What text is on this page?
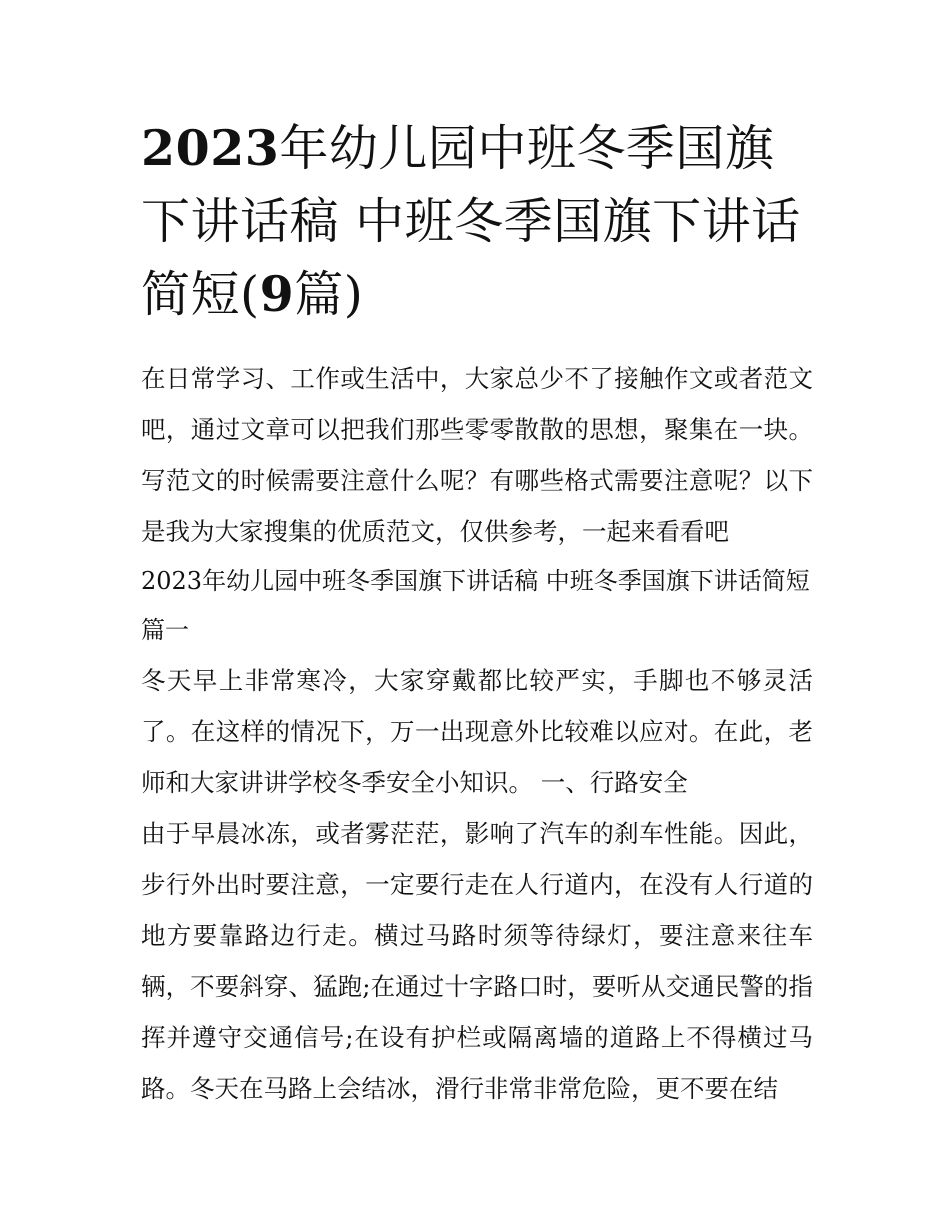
2023年幼儿园中班冬季国旗下讲话稿 中班冬季国旗下讲话简短(9篇)

在日常学习、工作或生活中，大家总少不了接触作文或者范文吧，通过文章可以把我们那些零零散散的思想，聚集在一块。写范文的时候需要注意什么呢？有哪些格式需要注意呢？以下是我为大家搜集的优质范文，仅供参考，一起来看看吧

2023年幼儿园中班冬季国旗下讲话稿 中班冬季国旗下讲话简短篇一

冬天早上非常寒冷，大家穿戴都比较严实，手脚也不够灵活了。在这样的情况下，万一出现意外比较难以应对。在此，老师和大家讲讲学校冬季安全小知识。 一、行路安全

由于早晨冰冻，或者雾茫茫，影响了汽车的刹车性能。因此，步行外出时要注意，一定要行走在人行道内，在没有人行道的地方要靠路边行走。横过马路时须等待绿灯，要注意来往车辆，不要斜穿、猛跑;在通过十字路口时，要听从交通民警的指挥并遵守交通信号;在设有护栏或隔离墙的道路上不得横过马路。冬天在马路上会结冰，滑行非常非常危险，更不要在结
